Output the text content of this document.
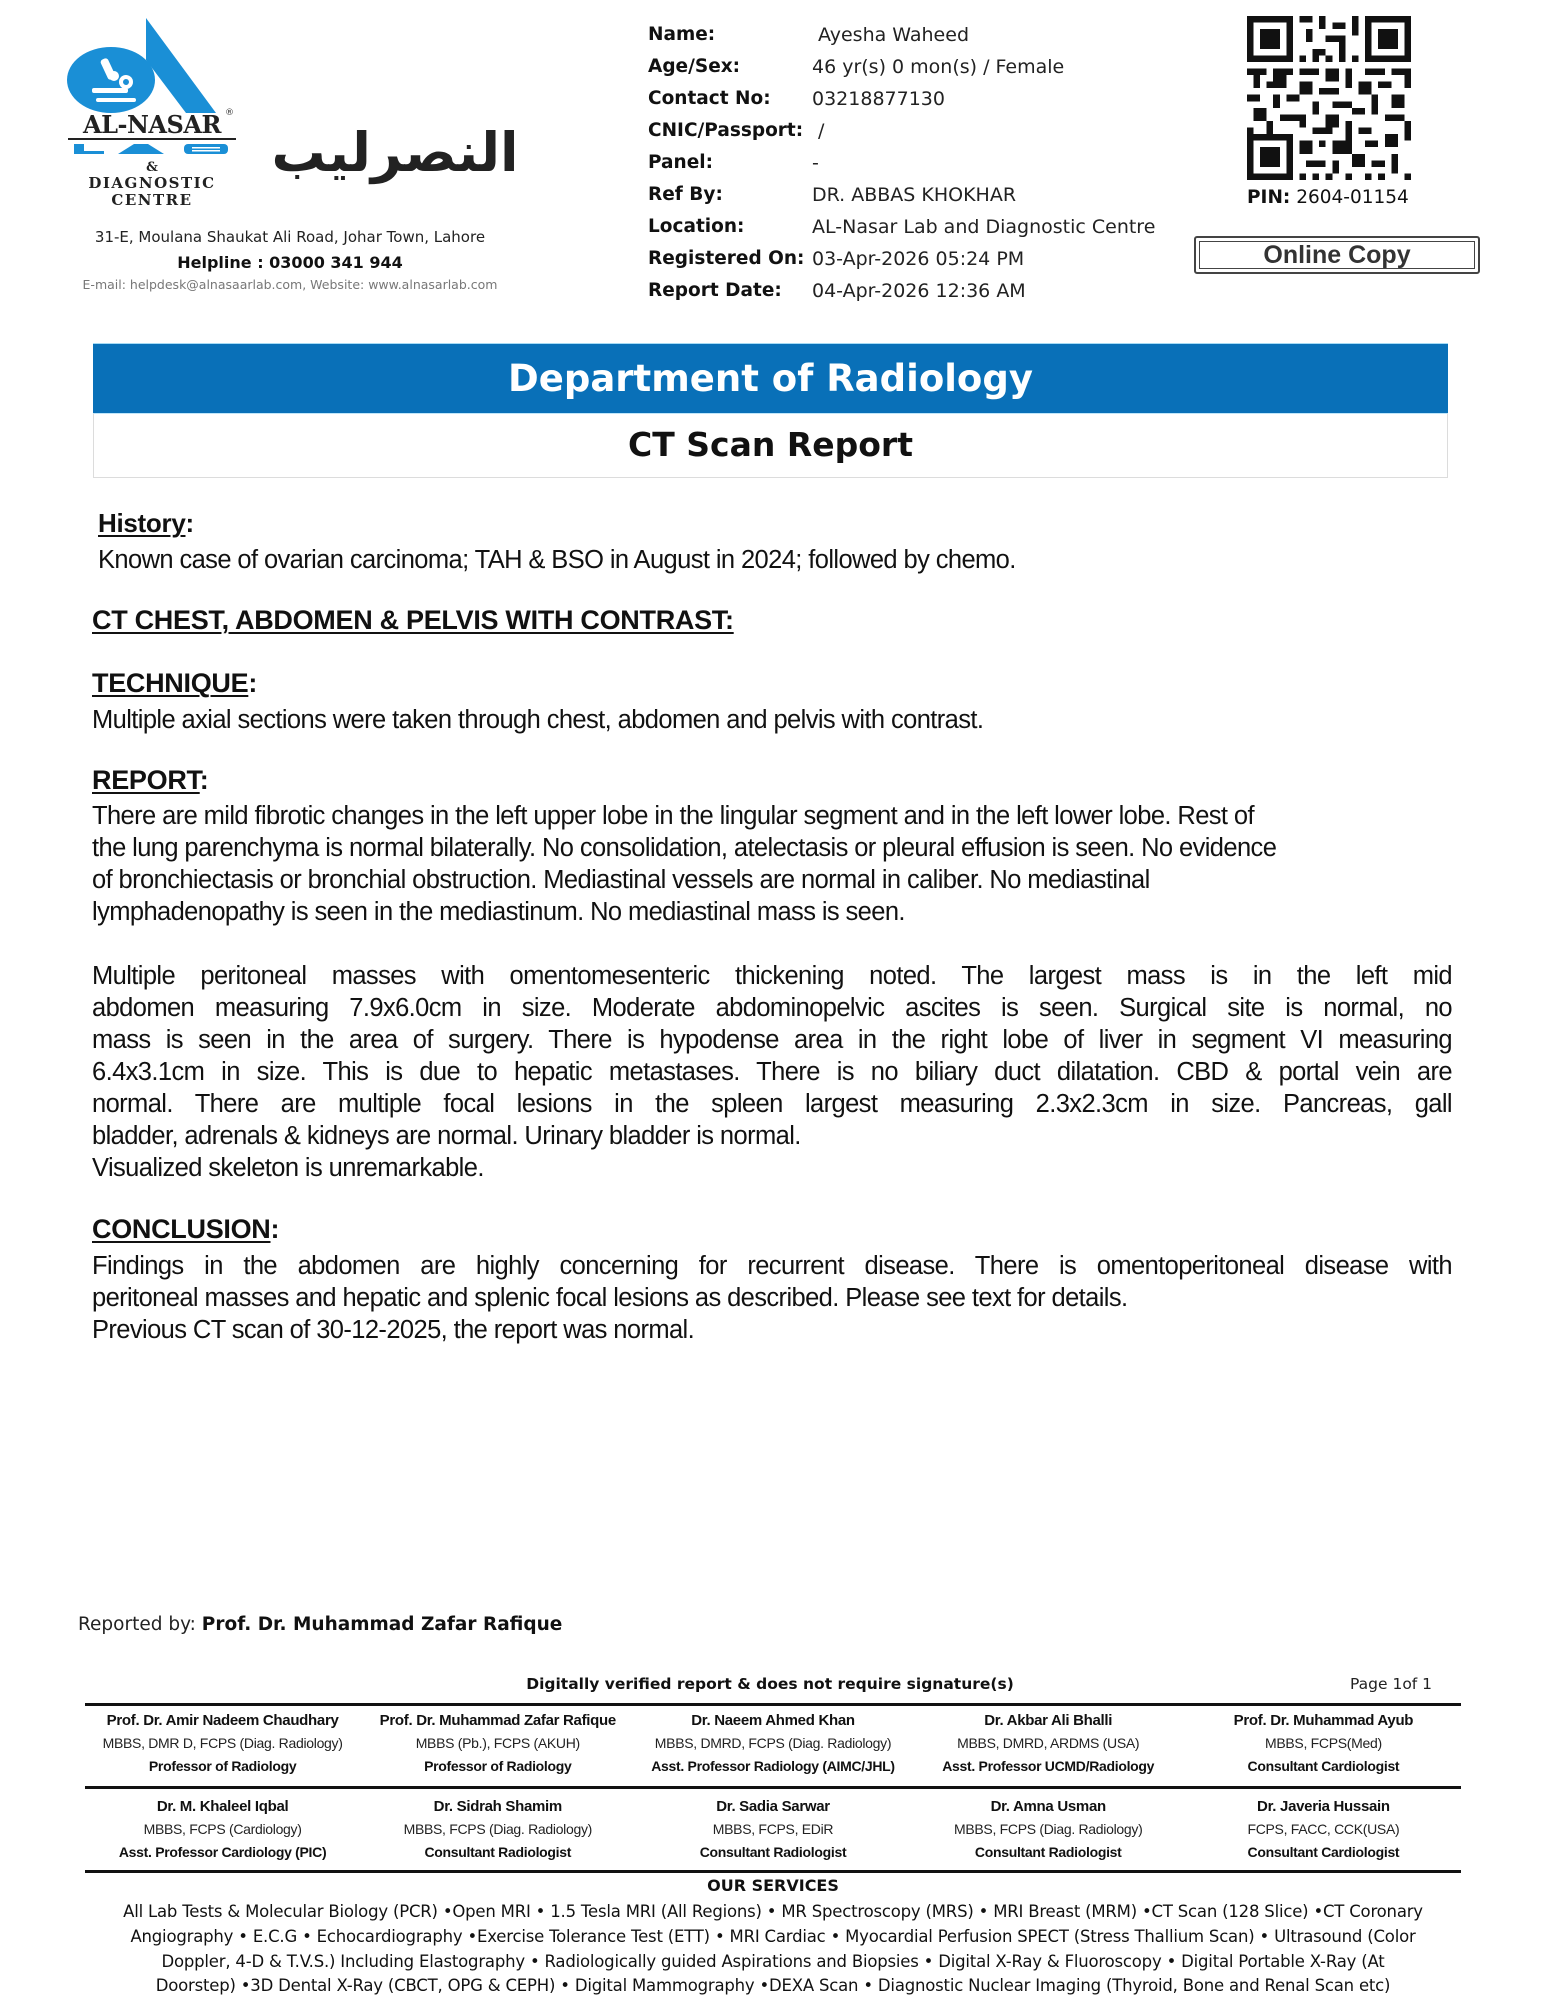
AL-NASAR ®
&
DIAGNOSTIC
CENTRE
النصرليب
31-E, Moulana Shaukat Ali Road, Johar Town, Lahore
Helpline : 03000 341 944
E-mail: helpdesk@alnasaarlab.com, Website: www.alnasarlab.com
Name:	Ayesha Waheed
Age/Sex:	46 yr(s) 0 mon(s) / Female
Contact No: 03218877130
CNIC/Passport: /
Panel:	-
Ref By:	DR. ABBAS KHOKHAR
Location:	AL-Nasar Lab and Diagnostic Centre
Registered On: 03-Apr-2026 05:24 PM
Report Date: 04-Apr-2026 12:36 AM
PIN: 2604-01154
Online Copy
Department of Radiology
CT Scan Report
History:
Known case of ovarian carcinoma; TAH & BSO in August in 2024; followed by chemo.
CT CHEST, ABDOMEN & PELVIS WITH CONTRAST:
TECHNIQUE:
Multiple axial sections were taken through chest, abdomen and pelvis with contrast.
REPORT:
There are mild fibrotic changes in the left upper lobe in the lingular segment and in the left lower lobe. Rest of
the lung parenchyma is normal bilaterally. No consolidation, atelectasis or pleural effusion is seen. No evidence
of bronchiectasis or bronchial obstruction. Mediastinal vessels are normal in caliber. No mediastinal
lymphadenopathy is seen in the mediastinum. No mediastinal mass is seen.
Multiple peritoneal masses with omentomesenteric thickening noted. The largest mass is in the left mid
abdomen measuring 7.9x6.0cm in size. Moderate abdominopelvic ascites is seen. Surgical site is normal, no
mass is seen in the area of surgery. There is hypodense area in the right lobe of liver in segment VI measuring
6.4x3.1cm in size. This is due to hepatic metastases. There is no biliary duct dilatation. CBD & portal vein are
normal. There are multiple focal lesions in the spleen largest measuring 2.3x2.3cm in size. Pancreas, gall
bladder, adrenals & kidneys are normal. Urinary bladder is normal.
Visualized skeleton is unremarkable.
CONCLUSION:
Findings in the abdomen are highly concerning for recurrent disease. There is omentoperitoneal disease with
peritoneal masses and hepatic and splenic focal lesions as described. Please see text for details.
Previous CT scan of 30-12-2025, the report was normal.
Reported by: Prof. Dr. Muhammad Zafar Rafique
Digitally verified report & does not require signature(s)	Page 1of 1
Prof. Dr. Amir Nadeem Chaudhary
MBBS, DMR D, FCPS (Diag. Radiology)
Professor of Radiology
Prof. Dr. Muhammad Zafar Rafique
MBBS (Pb.), FCPS (AKUH)
Professor of Radiology
Dr. Naeem Ahmed Khan
MBBS, DMRD, FCPS (Diag. Radiology)
Asst. Professor Radiology (AIMC/JHL)
Dr. Akbar Ali Bhalli
MBBS, DMRD, ARDMS (USA)
Asst. Professor UCMD/Radiology
Prof. Dr. Muhammad Ayub
MBBS, FCPS(Med)
Consultant Cardiologist
Dr. M. Khaleel Iqbal
MBBS, FCPS (Cardiology)
Asst. Professor Cardiology (PIC)
Dr. Sidrah Shamim
MBBS, FCPS (Diag. Radiology)
Consultant Radiologist
Dr. Sadia Sarwar
MBBS, FCPS, EDiR
Consultant Radiologist
Dr. Amna Usman
MBBS, FCPS (Diag. Radiology)
Consultant Radiologist
Dr. Javeria Hussain
FCPS, FACC, CCK(USA)
Consultant Cardiologist
OUR SERVICES
All Lab Tests & Molecular Biology (PCR) •Open MRI • 1.5 Tesla MRI (All Regions) • MR Spectroscopy (MRS) • MRI Breast (MRM) •CT Scan (128 Slice) •CT Coronary
Angiography • E.C.G • Echocardiography •Exercise Tolerance Test (ETT) • MRI Cardiac • Myocardial Perfusion SPECT (Stress Thallium Scan) • Ultrasound (Color
Doppler, 4-D & T.V.S.) Including Elastography • Radiologically guided Aspirations and Biopsies • Digital X-Ray & Fluoroscopy • Digital Portable X-Ray (At
Doorstep) •3D Dental X-Ray (CBCT, OPG & CEPH) • Digital Mammography •DEXA Scan • Diagnostic Nuclear Imaging (Thyroid, Bone and Renal Scan etc)
